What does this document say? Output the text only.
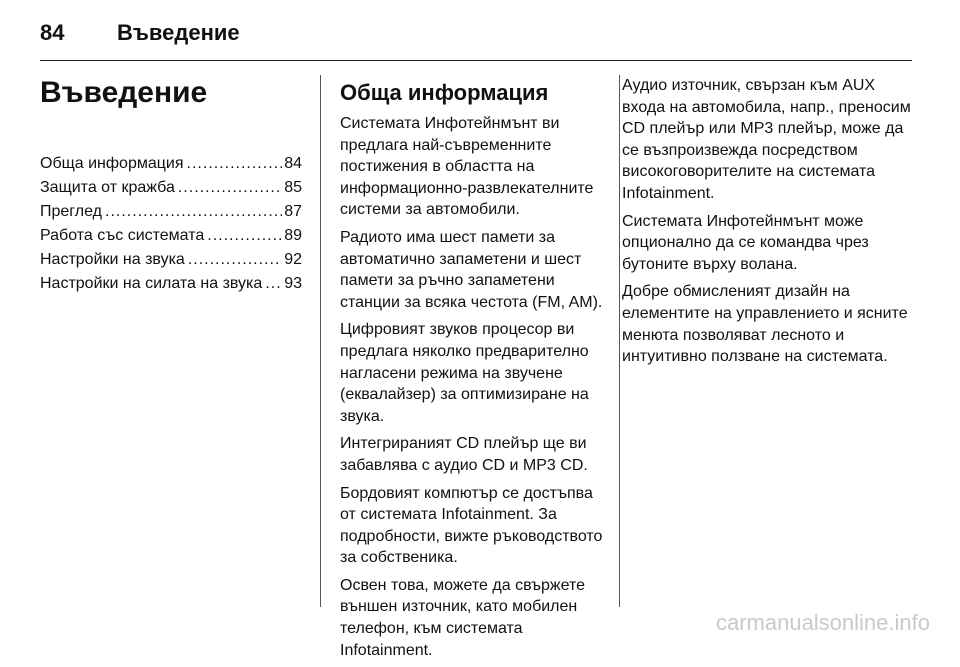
84	Въведение
Въведение
Обща информация .....	84
Защита от кражба .....	85
Преглед .....	87
Работа със системата .....	89
Настройки на звука .....	92
Настройки на силата на звука ..... 93
Обща информация

Системата Инфотейнмънт ви предлага най-съвременните постижения в областта на информационно-развлекателните системи за автомобили.

Радиото има шест памети за автоматично запаметени и шест памети за ръчно запаметени станции за всяка честота (FM, AM).

Цифровият звуков процесор ви предлага няколко предварително нагласени режима на звучене (еквалайзер) за оптимизиране на звука.

Интегрираният CD плейър ще ви забавлява с аудио CD и MP3 CD.

Бордовият компютър се достъпва от системата Infotainment. За подробности, вижте ръководството за собственика.

Освен това, можете да свържете външен източник, като мобилен телефон, към системата Infotainment.

Аудио източник, свързан към AUX входа на автомобила, напр., преносим CD плейър или MP3 плейър, може да се възпроизвежда посредством високоговорителите на системата Infotainment.

Системата Инфотейнмънт може опционално да се командва чрез бутоните върху волана.

Добре обмисленият дизайн на елементите на управлението и ясните менюта позволяват лесното и интуитивно ползване на системата.

carmanualsonline.info
